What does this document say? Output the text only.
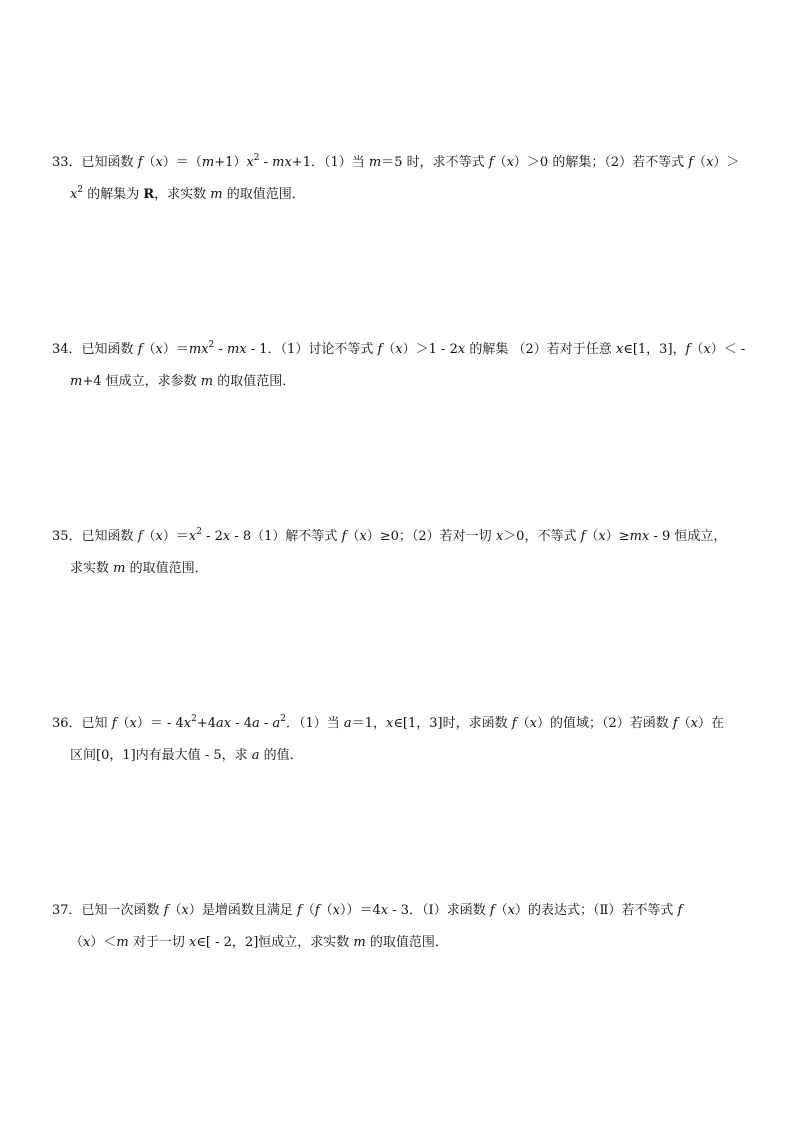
33．已知函数 $f(x)=(m+1)x^2 - mx+1$．（1）当 m＝5 时，求不等式 f（x）＞0 的解集；（2）若不等式 f（x）＞
$x^2$ 的解集为 R，求实数 m 的取值范围．
34．已知函数 $f(x)=mx^2$ - mx - 1．（1）讨论不等式 f（x）＞1 - 2x 的解集 （2）若对于任意 x∈[1，3]，f（x）＜ -
m+4 恒成立，求参数 m 的取值范围．
35．已知函数 $f(x)=x^2 - 2x - 8(1)$解不等式 f（x）≥0；（2）若对一切 x＞0，不等式 f（x）≥mx - 9 恒成立，
求实数 m 的取值范围．
36．已知 $f(x)= - 4x^2+4ax - 4a - a^2$．（1）当 a＝1，x∈[1，3]时，求函数 f（x）的值域；（2）若函数 f（x）在
区间[0，1]内有最大值 - 5，求 a 的值．
37．已知一次函数 f（x）是增函数且满足 f（f（x））＝4x - 3．（Ⅰ）求函数 f（x）的表达式；（Ⅱ）若不等式 f
（x）＜m 对于一切 x∈[ - 2，2]恒成立，求实数 m 的取值范围．
